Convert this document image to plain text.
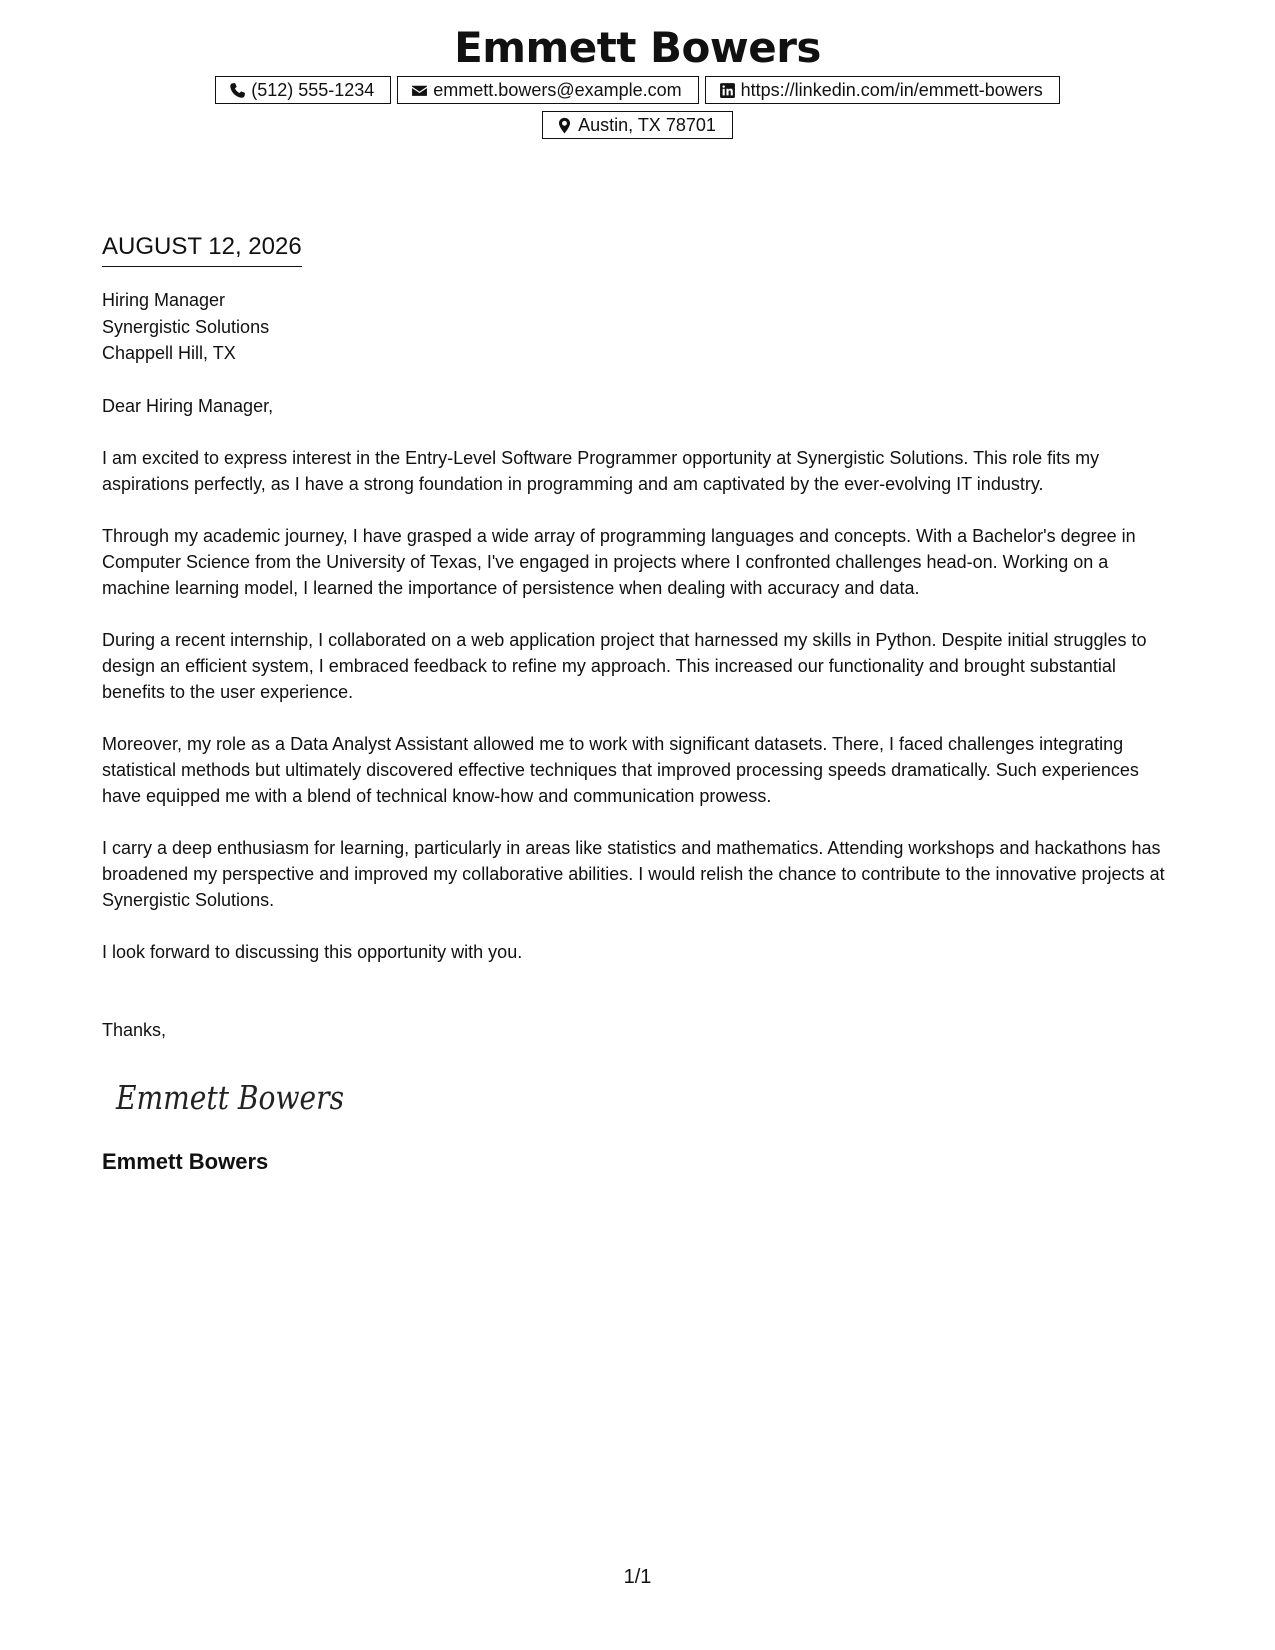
Emmett Bowers
(512) 555-1234	emmett.bowers@example.com	https://linkedin.com/in/emmett-bowers
Austin, TX 78701
AUGUST 12, 2026
Hiring Manager
Synergistic Solutions
Chappell Hill, TX
Dear Hiring Manager,

I am excited to express interest in the Entry-Level Software Programmer opportunity at Synergistic Solutions. This role fits my aspirations perfectly, as I have a strong foundation in programming and am captivated by the ever-evolving IT industry.

Through my academic journey, I have grasped a wide array of programming languages and concepts. With a Bachelor's degree in Computer Science from the University of Texas, I've engaged in projects where I confronted challenges head-on. Working on a machine learning model, I learned the importance of persistence when dealing with accuracy and data.

During a recent internship, I collaborated on a web application project that harnessed my skills in Python. Despite initial struggles to design an efficient system, I embraced feedback to refine my approach. This increased our functionality and brought substantial benefits to the user experience.

Moreover, my role as a Data Analyst Assistant allowed me to work with significant datasets. There, I faced challenges integrating statistical methods but ultimately discovered effective techniques that improved processing speeds dramatically. Such experiences have equipped me with a blend of technical know-how and communication prowess.

I carry a deep enthusiasm for learning, particularly in areas like statistics and mathematics. Attending workshops and hackathons has broadened my perspective and improved my collaborative abilities. I would relish the chance to contribute to the innovative projects at Synergistic Solutions.

I look forward to discussing this opportunity with you.

Thanks,
Emmett Bowers
Emmett Bowers
1/1
